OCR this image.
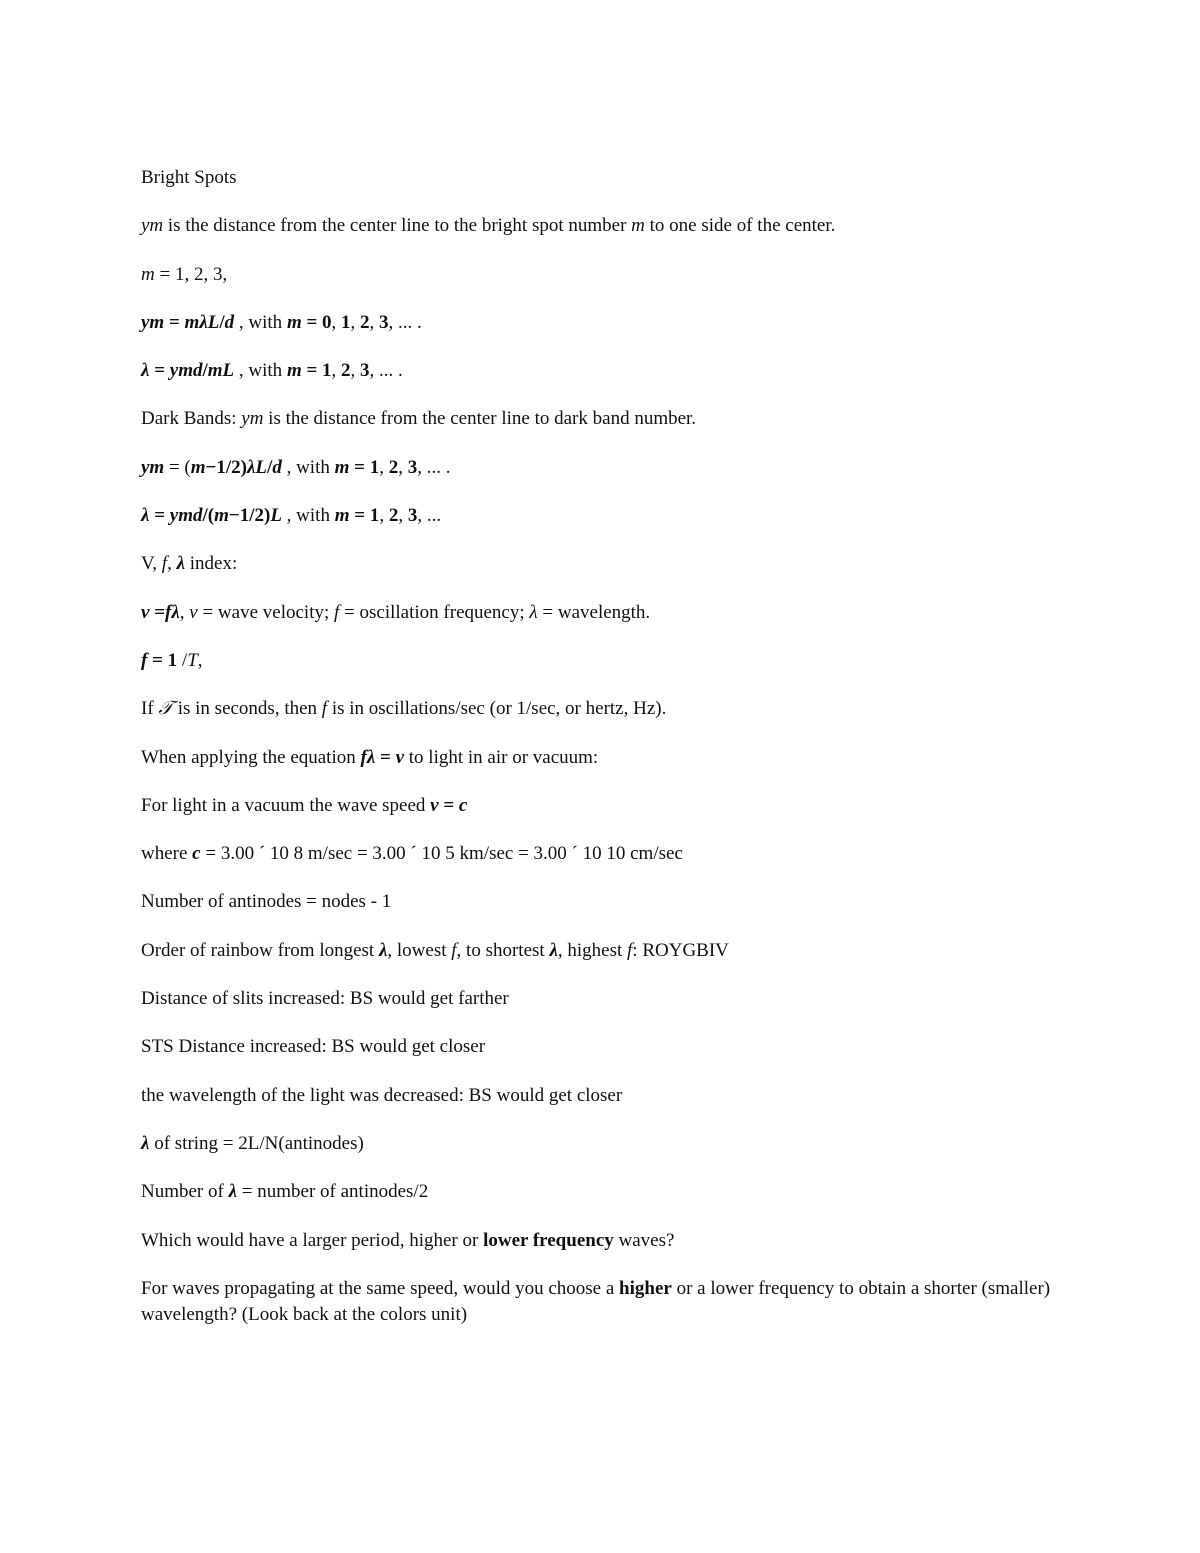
Bright Spots
ym is the distance from the center line to the bright spot number m to one side of the center.
m = 1, 2, 3,
ym = mλL/d , with m = 0, 1, 2, 3, ... .
λ = ymd/mL , with m = 1, 2, 3, ... .
Dark Bands: ym is the distance from the center line to dark band number.
ym = (m−1/2)λL/d , with m = 1, 2, 3, ... .
λ = ymd/(m−1/2)L , with m = 1, 2, 3, ...
V, f, λ index:
v =fλ, v = wave velocity; f = oscillation frequency; λ = wavelength.
f = 1 /T,
If 𝒯 is in seconds, then f is in oscillations/sec (or 1/sec, or hertz, Hz).
When applying the equation fλ = v to light in air or vacuum:
For light in a vacuum the wave speed v = c
where c = 3.00 ´ 10 8 m/sec = 3.00 ´ 10 5 km/sec = 3.00 ´ 10 10 cm/sec
Number of antinodes = nodes - 1
Order of rainbow from longest λ, lowest f, to shortest λ, highest f: ROYGBIV
Distance of slits increased: BS would get farther
STS Distance increased: BS would get closer
the wavelength of the light was decreased: BS would get closer
λ of string = 2L/N(antinodes)
Number of λ = number of antinodes/2
Which would have a larger period, higher or lower frequency waves?
For waves propagating at the same speed, would you choose a higher or a lower frequency to obtain a shorter (smaller) wavelength? (Look back at the colors unit)
